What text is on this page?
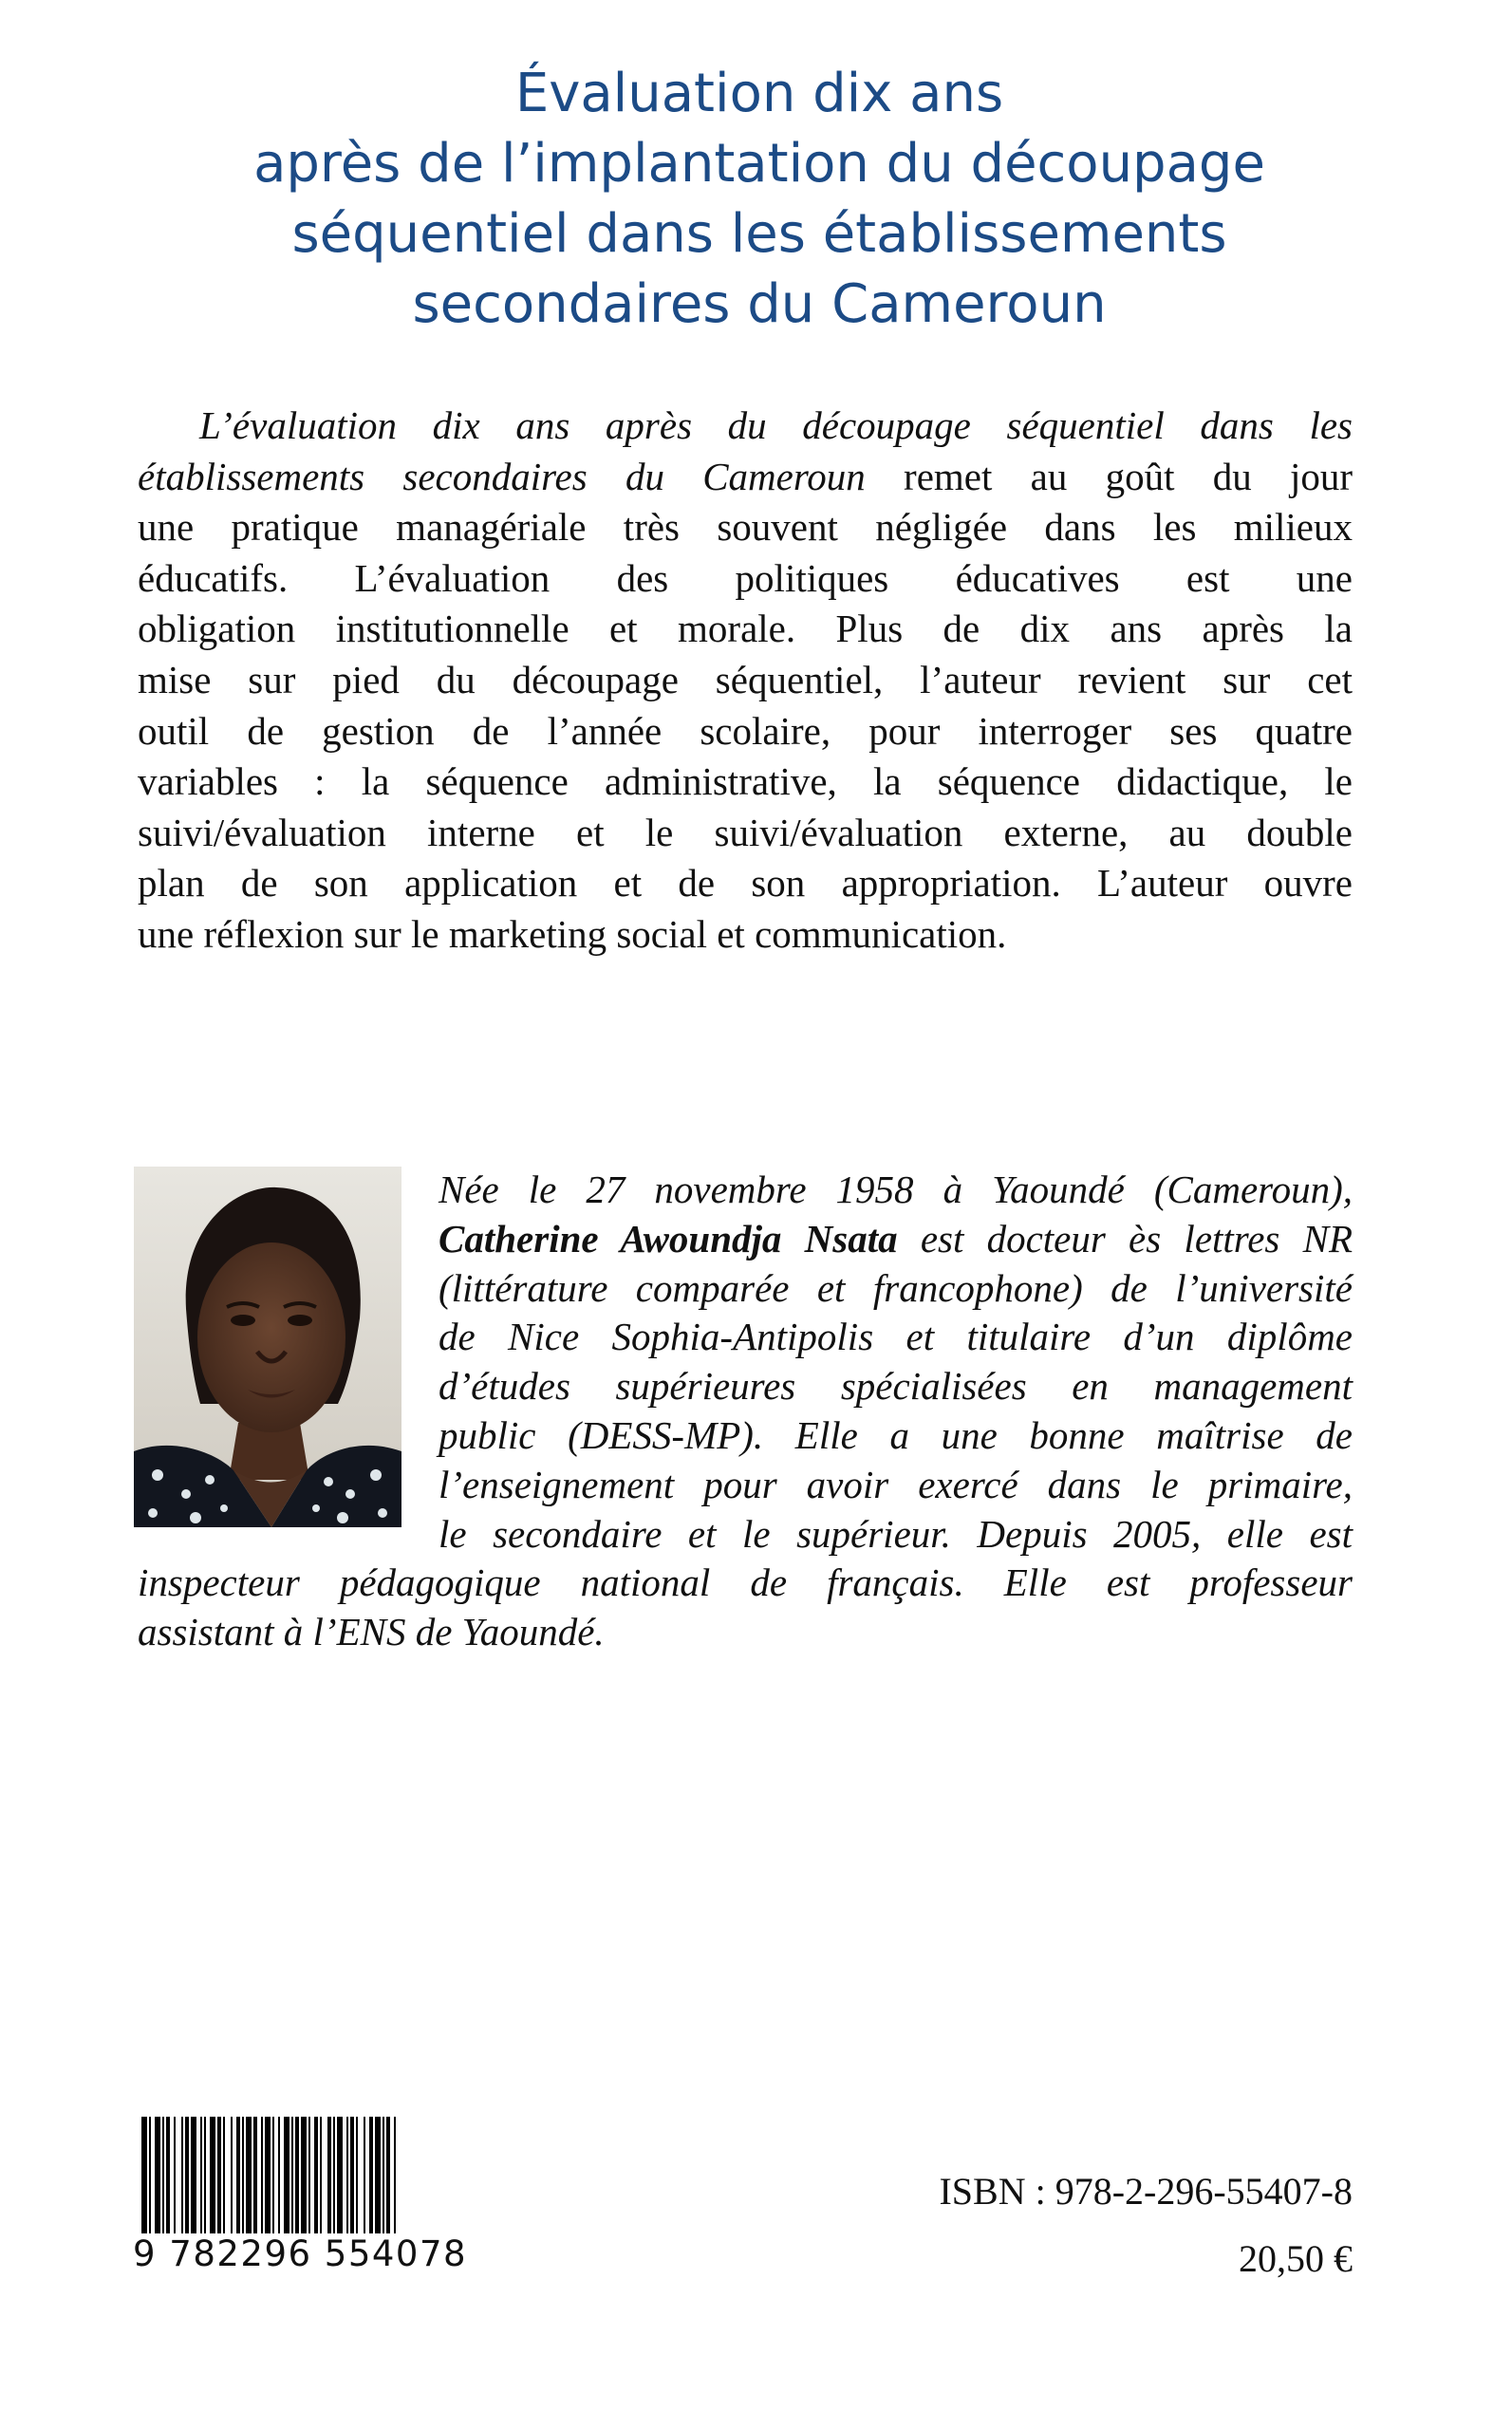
Évaluation dix ans
après de l’implantation du découpage
séquentiel dans les établissements
secondaires du Cameroun
L’évaluation dix ans après du découpage séquentiel dans les
établissements secondaires du Cameroun remet au goût du jour
une pratique managériale très souvent négligée dans les milieux
éducatifs. L’évaluation des politiques éducatives est une
obligation institutionnelle et morale. Plus de dix ans après la
mise sur pied du découpage séquentiel, l’auteur revient sur cet
outil de gestion de l’année scolaire, pour interroger ses quatre
variables : la séquence administrative, la séquence didactique, le
suivi/évaluation interne et le suivi/évaluation externe, au double
plan de son application et de son appropriation. L’auteur ouvre
une réflexion sur le marketing social et communication.
Née le 27 novembre 1958 à Yaoundé (Cameroun),
Catherine Awoundja Nsata est docteur ès lettres NR
(littérature comparée et francophone) de l’université
de Nice Sophia-Antipolis et titulaire d’un diplôme
d’études supérieures spécialisées en management
public (DESS-MP). Elle a une bonne maîtrise de
l’enseignement pour avoir exercé dans le primaire,
le secondaire et le supérieur. Depuis 2005, elle est
inspecteur pédagogique national de français. Elle est professeur
assistant à l’ENS de Yaoundé.
9 782296 554078
ISBN : 978-2-296-55407-8
20,50 €
